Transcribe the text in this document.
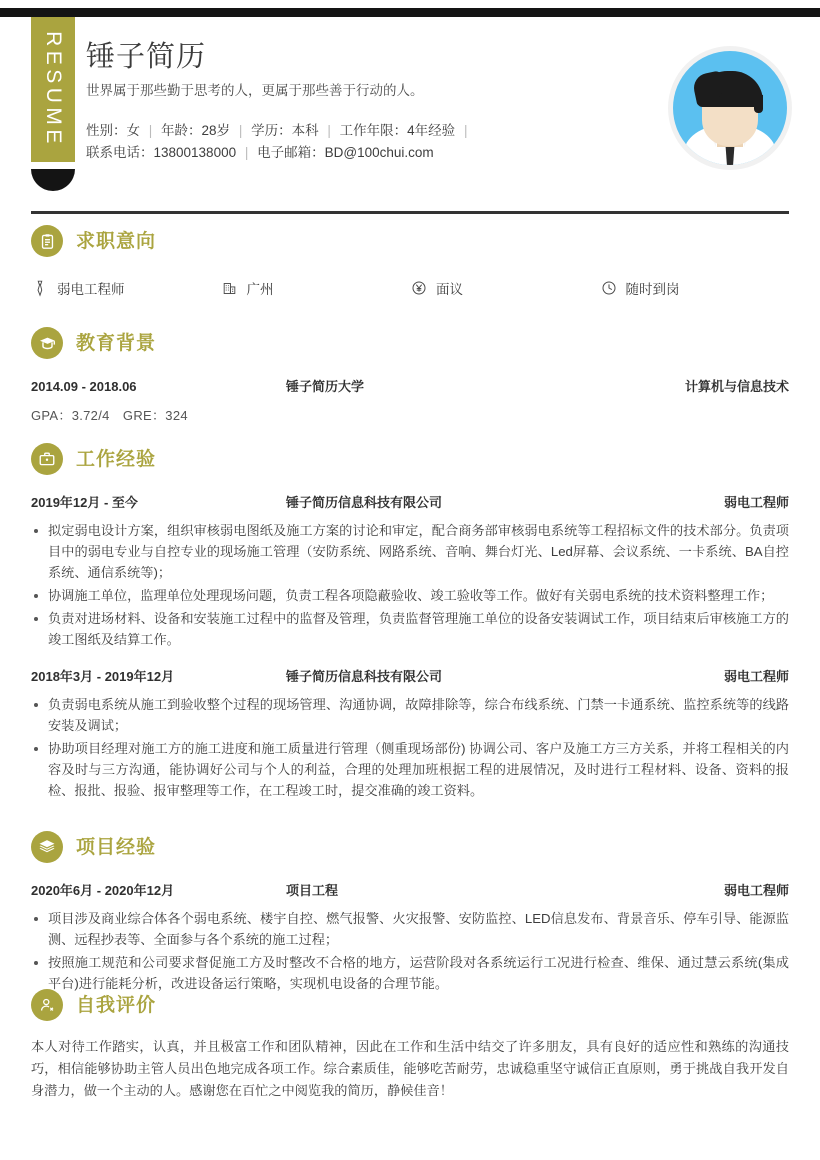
RESUME 锤子简历
世界属于那些勤于思考的人，更属于那些善于行动的人。
性别：女 | 年龄：28岁 | 学历：本科 | 工作年限：4年经验 |
联系电话：13800138000 | 电子邮箱：BD@100chui.com
求职意向
弱电工程师	广州	面议	随时到岗
教育背景
2014.09 - 2018.06	锤子简历大学	计算机与信息技术
GPA：3.72/4　GRE：324
工作经验
2019年12月 - 至今	锤子简历信息科技有限公司	弱电工程师
拟定弱电设计方案，组织审核弱电图纸及施工方案的讨论和审定，配合商务部审核弱电系统等工程招标文件的技术部分。负责项目中的弱电专业与自控专业的现场施工管理（安防系统、网路系统、音响、舞台灯光、Led屏幕、会议系统、一卡系统、BA自控系统、通信系统等)；
协调施工单位，监理单位处理现场问题，负责工程各项隐蔽验收、竣工验收等工作。做好有关弱电系统的技术资料整理工作；
负责对进场材料、设备和安装施工过程中的监督及管理，负责监督管理施工单位的设备安装调试工作，项目结束后审核施工方的竣工图纸及结算工作。
2018年3月 - 2019年12月	锤子简历信息科技有限公司	弱电工程师
负责弱电系统从施工到验收整个过程的现场管理、沟通协调，故障排除等，综合布线系统、门禁一卡通系统、监控系统等的线路安装及调试；
协助项目经理对施工方的施工进度和施工质量进行管理（侧重现场部份) 协调公司、客户及施工方三方关系，并将工程相关的内容及时与三方沟通，能协调好公司与个人的利益，合理的处理加班根据工程的进展情况，及时进行工程材料、设备、资料的报检、报批、报验、报审整理等工作，在工程竣工时，提交准确的竣工资料。
项目经验
2020年6月 - 2020年12月	项目工程	弱电工程师
项目涉及商业综合体各个弱电系统、楼宇自控、燃气报警、火灾报警、安防监控、LED信息发布、背景音乐、停车引导、能源监测、远程抄表等、全面参与各个系统的施工过程；
按照施工规范和公司要求督促施工方及时整改不合格的地方，运营阶段对各系统运行工况进行检查、维保、通过慧云系统(集成平台)进行能耗分析，改进设备运行策略，实现机电设备的合理节能。
自我评价
本人对待工作踏实，认真，并且极富工作和团队精神，因此在工作和生活中结交了许多朋友，具有良好的适应性和熟练的沟通技巧，相信能够协助主管人员出色地完成各项工作。综合素质佳，能够吃苦耐劳，忠诚稳重坚守诚信正直原则，勇于挑战自我开发自身潜力，做一个主动的人。感谢您在百忙之中阅览我的简历，静候佳音！
